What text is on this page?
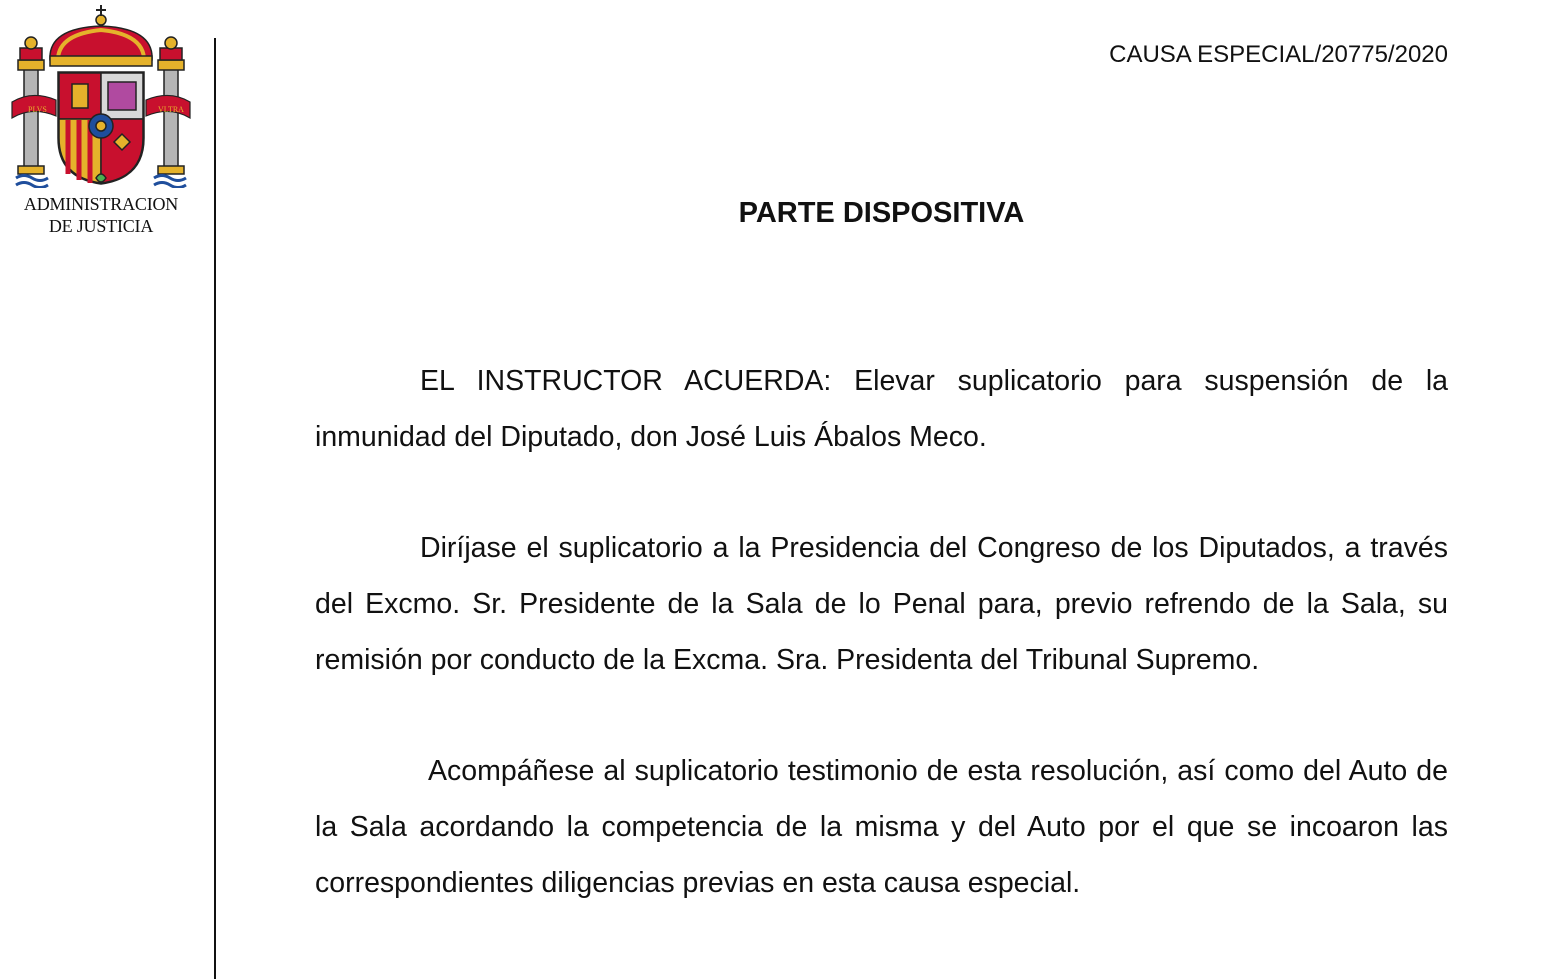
PLVS	VLTRA
ADMINISTRACION
DE JUSTICIA
CAUSA ESPECIAL/20775/2020
PARTE DISPOSITIVA

EL INSTRUCTOR ACUERDA: Elevar suplicatorio para suspensión de la inmunidad del Diputado, don José Luis Ábalos Meco.

Diríjase el suplicatorio a la Presidencia del Congreso de los Diputados, a través del Excmo. Sr. Presidente de la Sala de lo Penal para, previo refrendo de la Sala, su remisión por conducto de la Excma. Sra. Presidenta del Tribunal Supremo.

Acompáñese al suplicatorio testimonio de esta resolución, así como del Auto de la Sala acordando la competencia de la misma y del Auto por el que se incoaron las correspondientes diligencias previas en esta causa especial.
